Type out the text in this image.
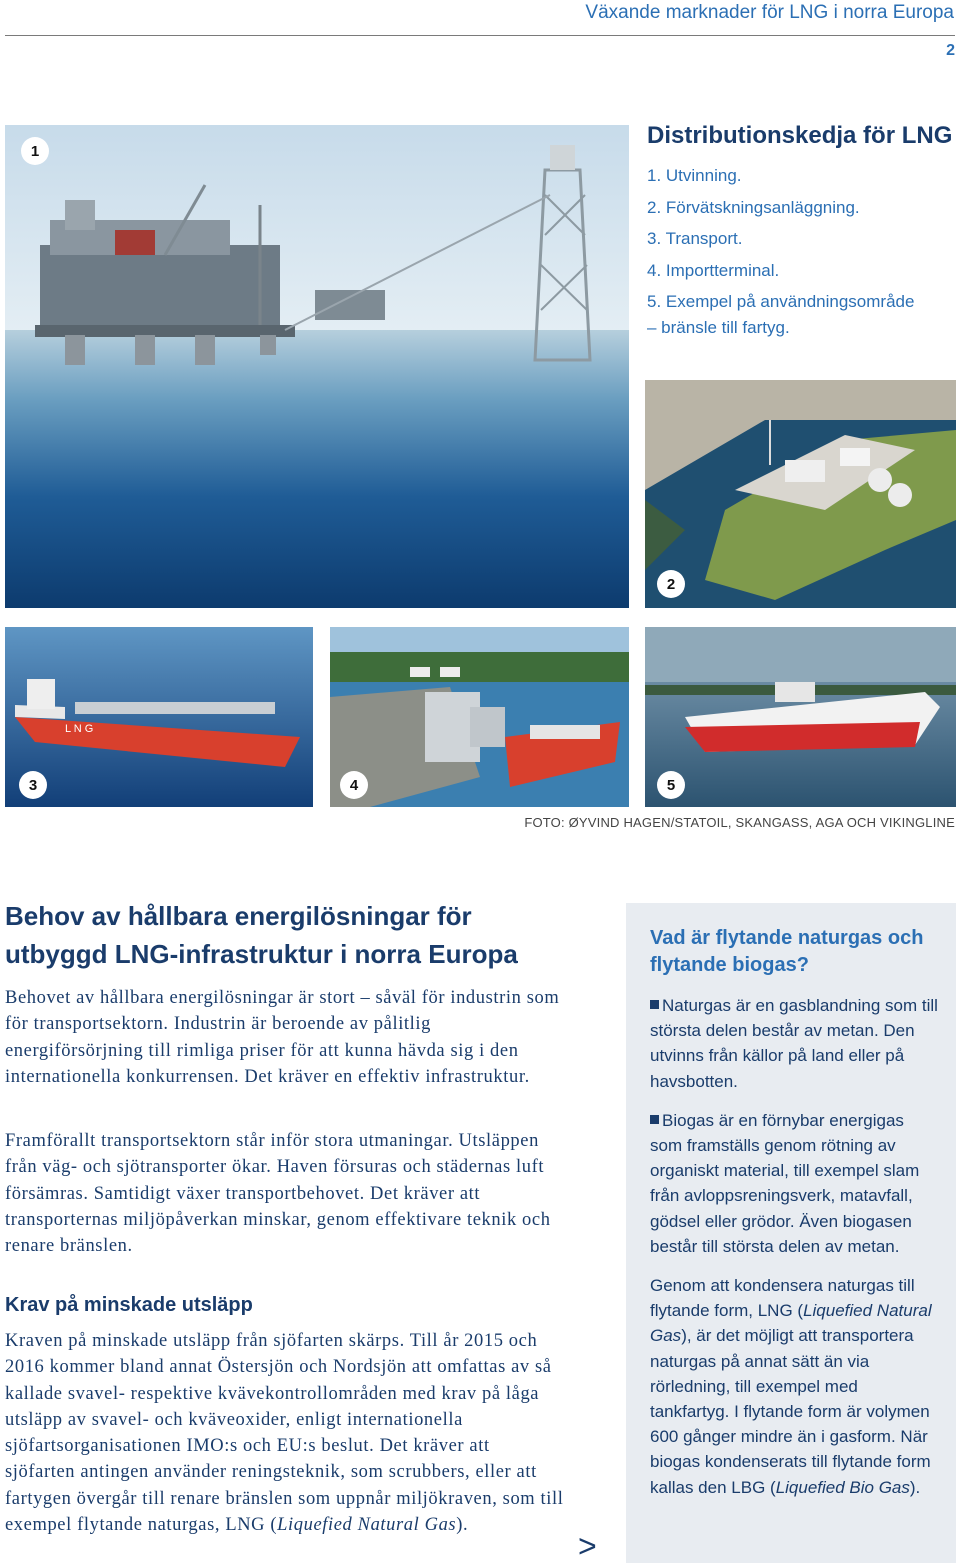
Växande marknader för LNG i norra Europa
2
1
2
L N G
3	4	5
Distributionskedja för LNG
1. Utvinning.
2. Förvätskningsanläggning.
3. Transport.
4. Importterminal.
5. Exempel på användningsområde
– bränsle till fartyg.
FOTO: ØYVIND HAGEN/STATOIL, SKANGASS, AGA OCH VIKINGLINE
Behov av hållbara energilösningar för utbyggd LNG-infrastruktur i norra Europa

Behovet av hållbara energilösningar är stort – såväl för industrin som för transportsektorn. Industrin är beroende av pålitlig energiförsörjning till rimliga priser för att kunna hävda sig i den internationella konkurrensen. Det kräver en effektiv infrastruktur.

Framförallt transportsektorn står inför stora utmaningar. Utsläppen från väg- och sjötransporter ökar. Haven försuras och städernas luft försämras. Samtidigt växer transportbehovet. Det kräver att transporternas miljöpåverkan minskar, genom effektivare teknik och renare bränslen.

Krav på minskade utsläpp

Kraven på minskade utsläpp från sjöfarten skärps. Till år 2015 och 2016 kommer bland annat Östersjön och Nordsjön att omfattas av så kallade svavel- respektive kvävekontrollområden med krav på låga utsläpp av svavel- och kväveoxider, enligt internationella sjöfartsorganisationen IMO:s och EU:s beslut. Det kräver att sjöfarten antingen använder reningsteknik, som scrubbers, eller att fartygen övergår till renare bränslen som uppnår miljökraven, som till exempel flytande naturgas, LNG (Liquefied Natural Gas).

>
Vad är flytande naturgas och flytande biogas?

Naturgas är en gasblandning som till största delen består av metan. Den utvinns från källor på land eller på havsbotten.

Biogas är en förnybar energigas som framställs genom rötning av organiskt material, till exempel slam från avloppsreningsverk, matavfall, gödsel eller grödor. Även biogasen består till största delen av metan.

Genom att kondensera naturgas till flytande form, LNG (Liquefied Natural Gas), är det möjligt att transportera naturgas på annat sätt än via rörledning, till exempel med tankfartyg. I flytande form är volymen 600 gånger mindre än i gasform. När biogas kondenserats till flytande form kallas den LBG (Liquefied Bio Gas).
